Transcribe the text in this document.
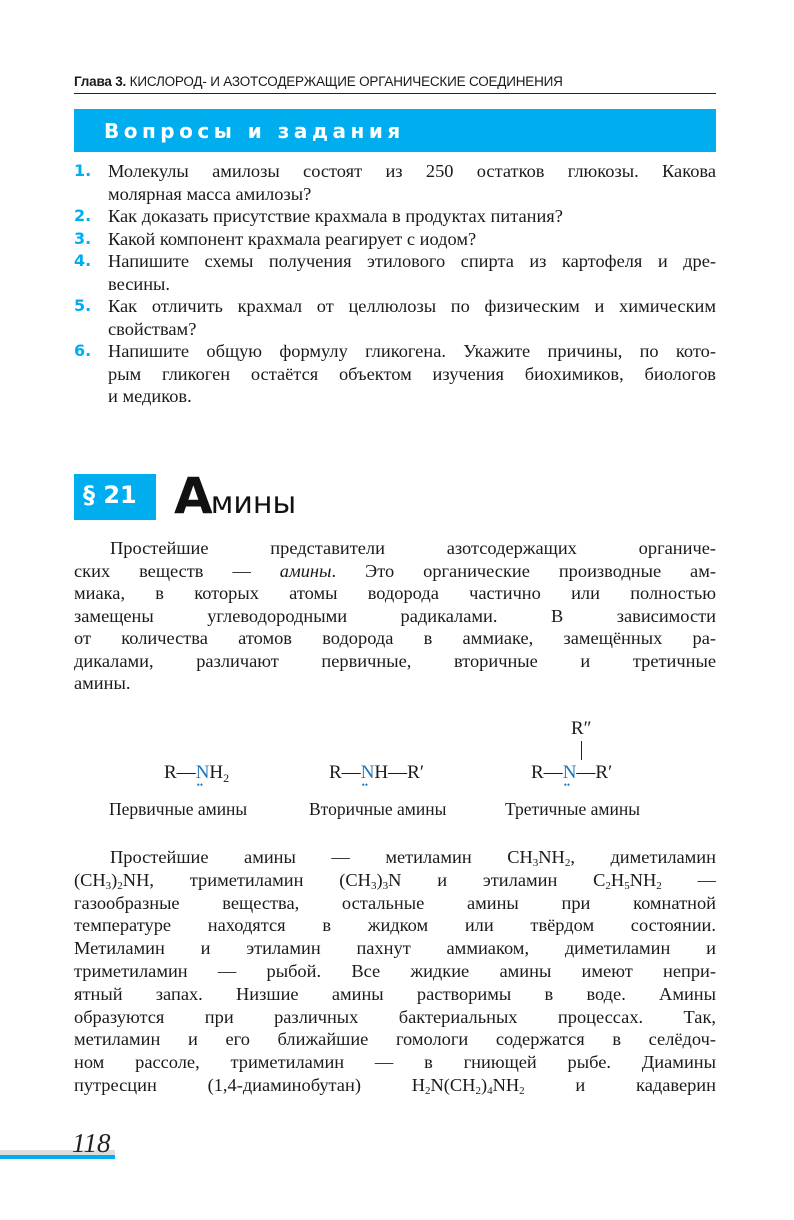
Глава 3. КИСЛОРОД- И АЗОТСОДЕРЖАЩИЕ ОРГАНИЧЕСКИЕ СОЕДИНЕНИЯ
Вопросы и задания
1. Молекулы амилозы состоят из 250 остатков глюкозы. Какова
молярная масса амилозы?
2. Как доказать присутствие крахмала в продуктах питания?
3. Какой компонент крахмала реагирует с иодом?
4. Напишите схемы получения этилового спирта из картофеля и дре-
весины.
5. Как отличить крахмал от целлюлозы по физическим и химическим
свойствам?
6. Напишите общую формулу гликогена. Укажите причины, по кото-
рым гликоген остаётся объектом изучения биохимиков, биологов
и медиков.
§ 21 Амины
Простейшие представители азотсодержащих органиче-
ских веществ — амины. Это органические производные ам-
миака, в которых атомы водорода частично или полностью
замещены углеводородными радикалами. В зависимости
от количества атомов водорода в аммиаке, замещённых ра-
дикалами, различают первичные, вторичные и третичные
амины.
R—N $••H_2$	R—N ••H—R′	R—N ••—R′
R″
Первичные амины	Вторичные амины	Третичные амины
Простейшие амины — метиламин $CH_3NH_2$, диметиламин
$(CH_3)_2NH$, триметиламин $(CH_3)_3N$ и этиламин $C_2H_5NH_2$ —
газообразные вещества, остальные амины при комнатной
температуре находятся в жидком или твёрдом состоянии.
Метиламин и этиламин пахнут аммиаком, диметиламин и
триметиламин — рыбой. Все жидкие амины имеют непри-
ятный запах. Низшие амины растворимы в воде. Амины
образуются при различных бактериальных процессах. Так,
метиламин и его ближайшие гомологи содержатся в селёдоч-
ном рассоле, триметиламин — в гниющей рыбе. Диамины
путресцин (1,4-диаминобутан) $H_2N(CH_2)_4NH_2$ и кадаверин
118
